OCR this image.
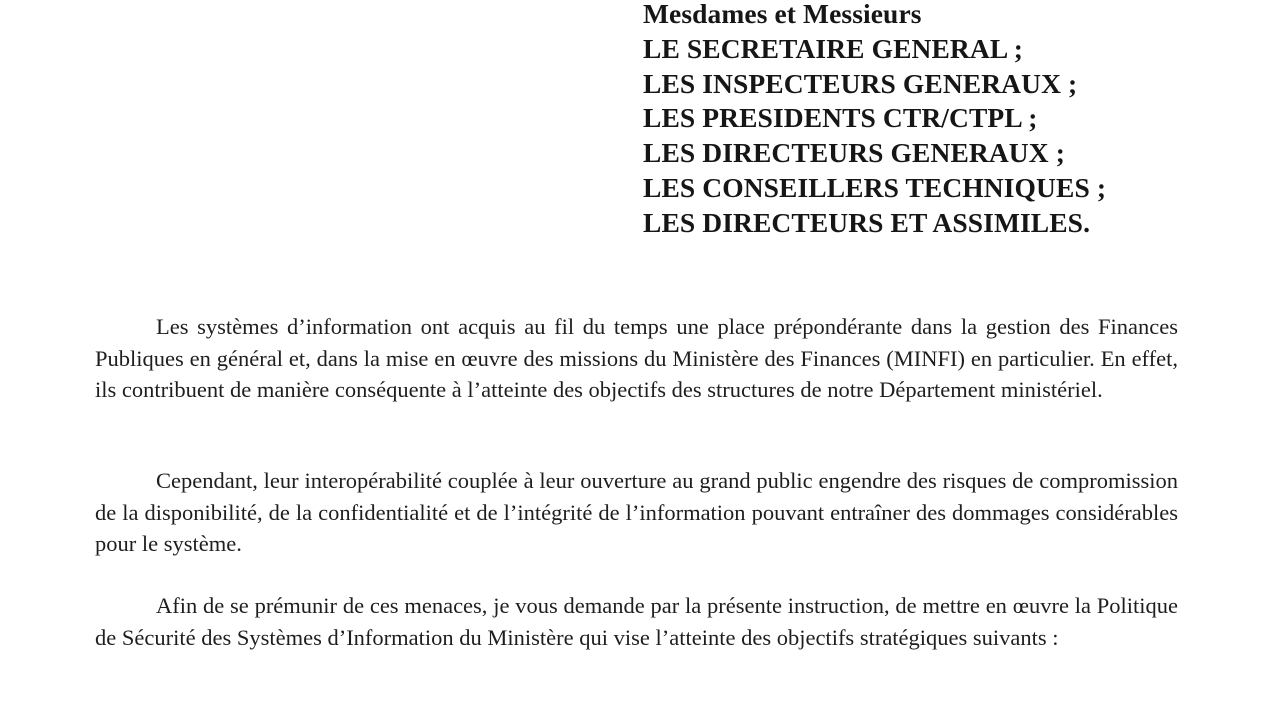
Mesdames et Messieurs
LE SECRETAIRE GENERAL ;
LES INSPECTEURS GENERAUX ;
LES PRESIDENTS CTR/CTPL ;
LES DIRECTEURS GENERAUX ;
LES CONSEILLERS TECHNIQUES ;
LES DIRECTEURS ET ASSIMILES.

Les systèmes d’information ont acquis au fil du temps une place prépondérante dans la gestion des Finances Publiques en général et, dans la mise en œuvre des missions du Ministère des Finances (MINFI) en particulier. En effet, ils contribuent de manière conséquente à l’atteinte des objectifs des structures de notre Département ministériel.

Cependant, leur interopérabilité couplée à leur ouverture au grand public engendre des risques de compromission de la disponibilité, de la confidentialité et de l’intégrité de l’information pouvant entraîner des dommages considérables pour le système.

Afin de se prémunir de ces menaces, je vous demande par la présente instruction, de mettre en œuvre la Politique de Sécurité des Systèmes d’Information du Ministère qui vise l’atteinte des objectifs stratégiques suivants :
